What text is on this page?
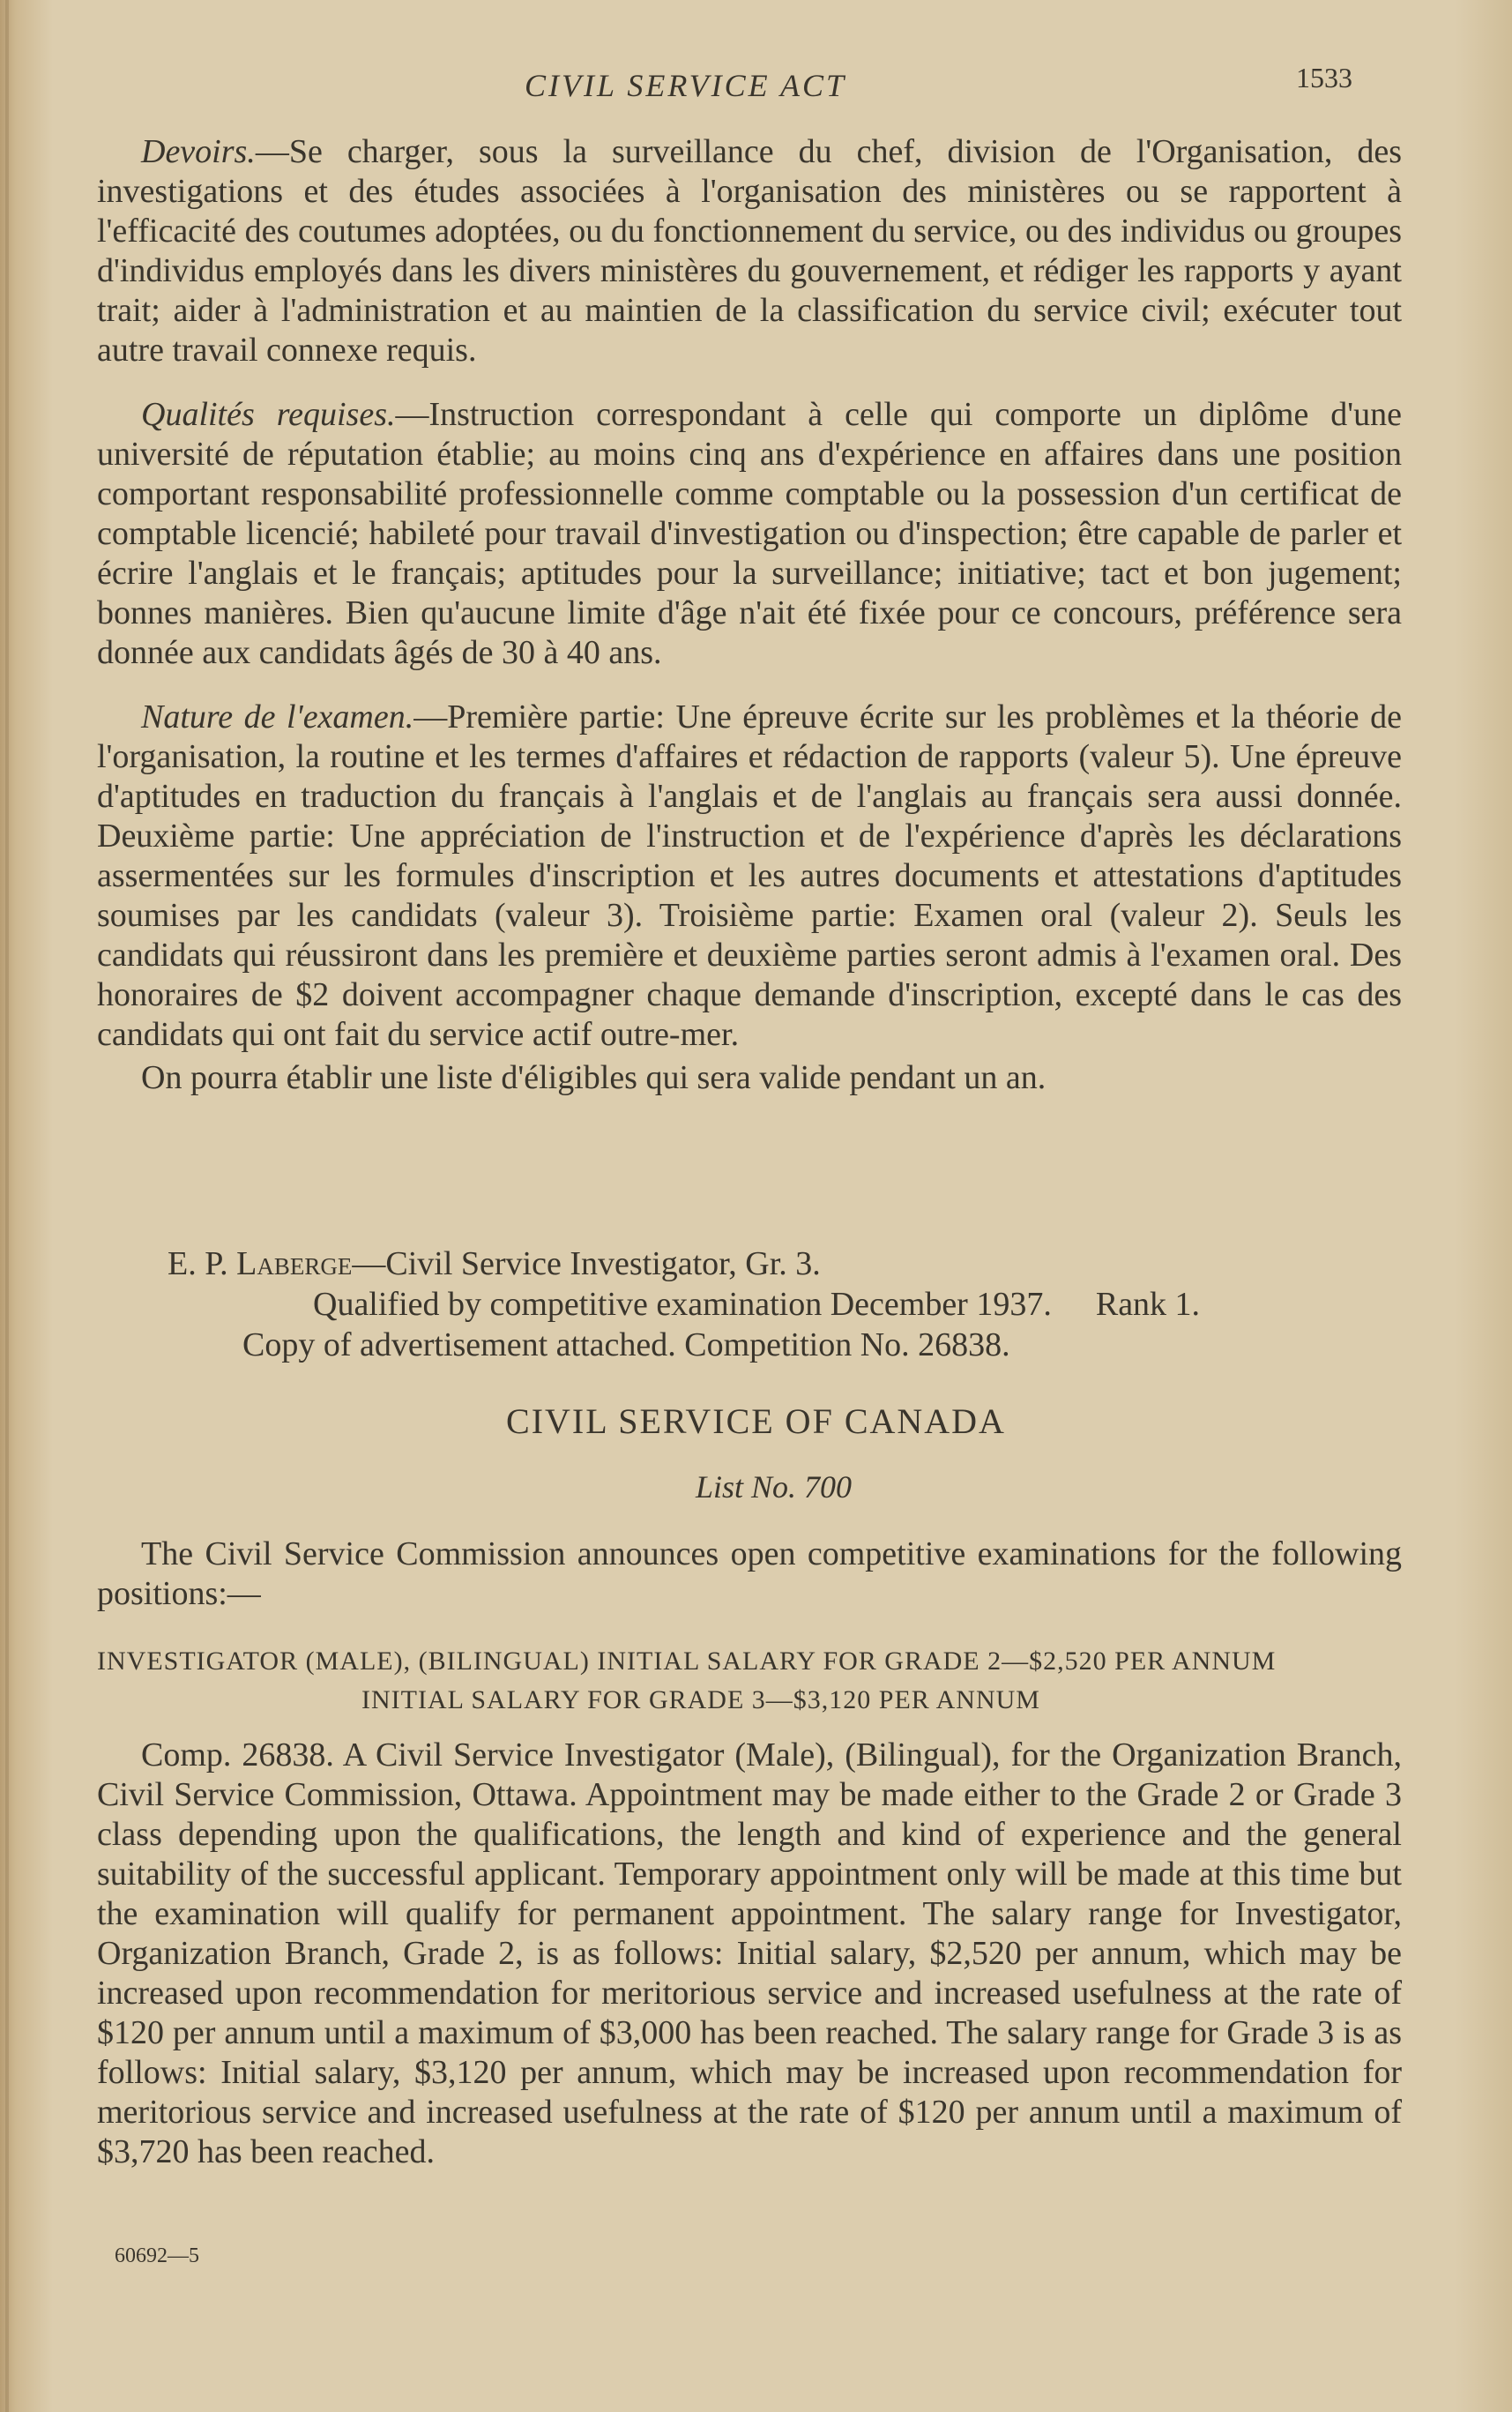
CIVIL SERVICE ACT	1533

Devoirs.—Se charger, sous la surveillance du chef, division de l'Organisation, des investigations et des études associées à l'organisation des ministères ou se rapportent à l'efficacité des coutumes adoptées, ou du fonctionnement du service, ou des individus ou groupes d'individus employés dans les divers ministères du gouvernement, et rédiger les rapports y ayant trait; aider à l'administration et au maintien de la classification du service civil; exécuter tout autre travail connexe requis.

Qualités requises.—Instruction correspondant à celle qui comporte un diplôme d'une université de réputation établie; au moins cinq ans d'expérience en affaires dans une position comportant responsabilité professionnelle comme comptable ou la possession d'un certificat de comptable licencié; habileté pour travail d'investigation ou d'inspection; être capable de parler et écrire l'anglais et le français; aptitudes pour la surveillance; initiative; tact et bon jugement; bonnes manières. Bien qu'aucune limite d'âge n'ait été fixée pour ce concours, préférence sera donnée aux candidats âgés de 30 à 40 ans.

Nature de l'examen.—Première partie: Une épreuve écrite sur les problèmes et la théorie de l'organisation, la routine et les termes d'affaires et rédaction de rapports (valeur 5). Une épreuve d'aptitudes en traduction du français à l'anglais et de l'anglais au français sera aussi donnée. Deuxième partie: Une appréciation de l'instruction et de l'expérience d'après les déclarations assermentées sur les formules d'inscription et les autres documents et attestations d'aptitudes soumises par les candidats (valeur 3). Troisième partie: Examen oral (valeur 2). Seuls les candidats qui réussiront dans les première et deuxième parties seront admis à l'examen oral. Des honoraires de $2 doivent accompagner chaque demande d'inscription, excepté dans le cas des candidats qui ont fait du service actif outre-mer.

On pourra établir une liste d'éligibles qui sera valide pendant un an.

E. P. Laberge—Civil Service Investigator, Gr. 3.
Qualified by competitive examination December 1937. Rank 1.
Copy of advertisement attached. Competition No. 26838.
CIVIL SERVICE OF CANADA
List No. 700

The Civil Service Commission announces open competitive examinations for the following positions:—

INVESTIGATOR (MALE), (BILINGUAL) INITIAL SALARY FOR GRADE 2—$2,520 PER ANNUM
INITIAL SALARY FOR GRADE 3—$3,120 PER ANNUM

Comp. 26838. A Civil Service Investigator (Male), (Bilingual), for the Organization Branch, Civil Service Commission, Ottawa. Appointment may be made either to the Grade 2 or Grade 3 class depending upon the qualifications, the length and kind of experience and the general suitability of the successful applicant. Temporary appointment only will be made at this time but the examination will qualify for permanent appointment. The salary range for Investigator, Organization Branch, Grade 2, is as follows: Initial salary, $2,520 per annum, which may be increased upon recommendation for meritorious service and increased usefulness at the rate of $120 per annum until a maximum of $3,000 has been reached. The salary range for Grade 3 is as follows: Initial salary, $3,120 per annum, which may be increased upon recommendation for meritorious service and increased usefulness at the rate of $120 per annum until a maximum of $3,720 has been reached.

60692—5
